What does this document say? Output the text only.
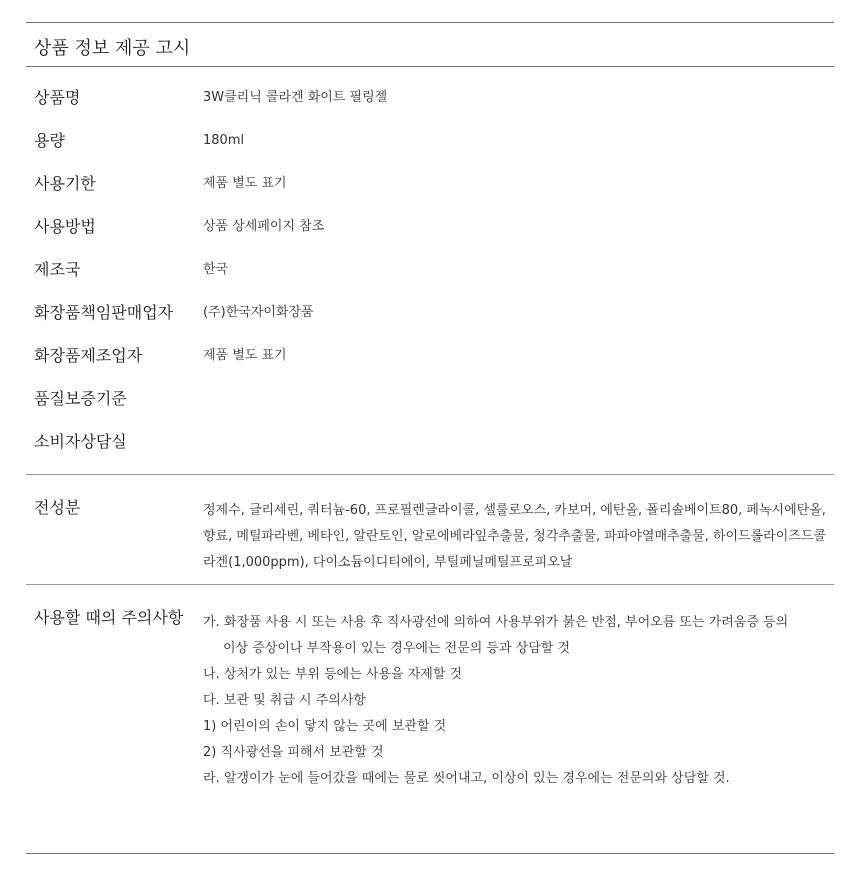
상품 정보 제공 고시
상품명	3W클리닉 콜라겐 화이트 필링젤
용량	180ml
사용기한	제품 별도 표기
사용방법	상품 상세페이지 참조
제조국	한국
화장품책임판매업자 (주)한국자이화장품
화장품제조업자	제품 별도 표기
품질보증기준
소비자상담실
전성분	정제수, 글리세린, 쿼터늄-60, 프로필렌글라이콜, 셀룰로오스, 카보머, 에탄올, 폴리솔베이트80, 페녹시에탄올,향료, 메틸파라벤, 베타인, 알란토인, 알로에베라잎추출물, 청각추출물, 파파야열매추출물, 하이드롤라이즈드콜라겐(1,000ppm), 다이소듐이디티에이, 부틸페닐메틸프로피오날
사용할 때의 주의사항 가. 화장품 사용 시 또는 사용 후 직사광선에 의하여 사용부위가 붉은 반점, 부어오름 또는 가려움증 등의
이상 증상이나 부작용이 있는 경우에는 전문의 등과 상담할 것
나. 상처가 있는 부위 등에는 사용을 자제할 것
다. 보관 및 취급 시 주의사항
1) 어린이의 손이 닿지 않는 곳에 보관할 것
2) 직사광선을 피해서 보관할 것
라. 알갱이가 눈에 들어갔을 때에는 물로 씻어내고, 이상이 있는 경우에는 전문의와 상담할 것.
